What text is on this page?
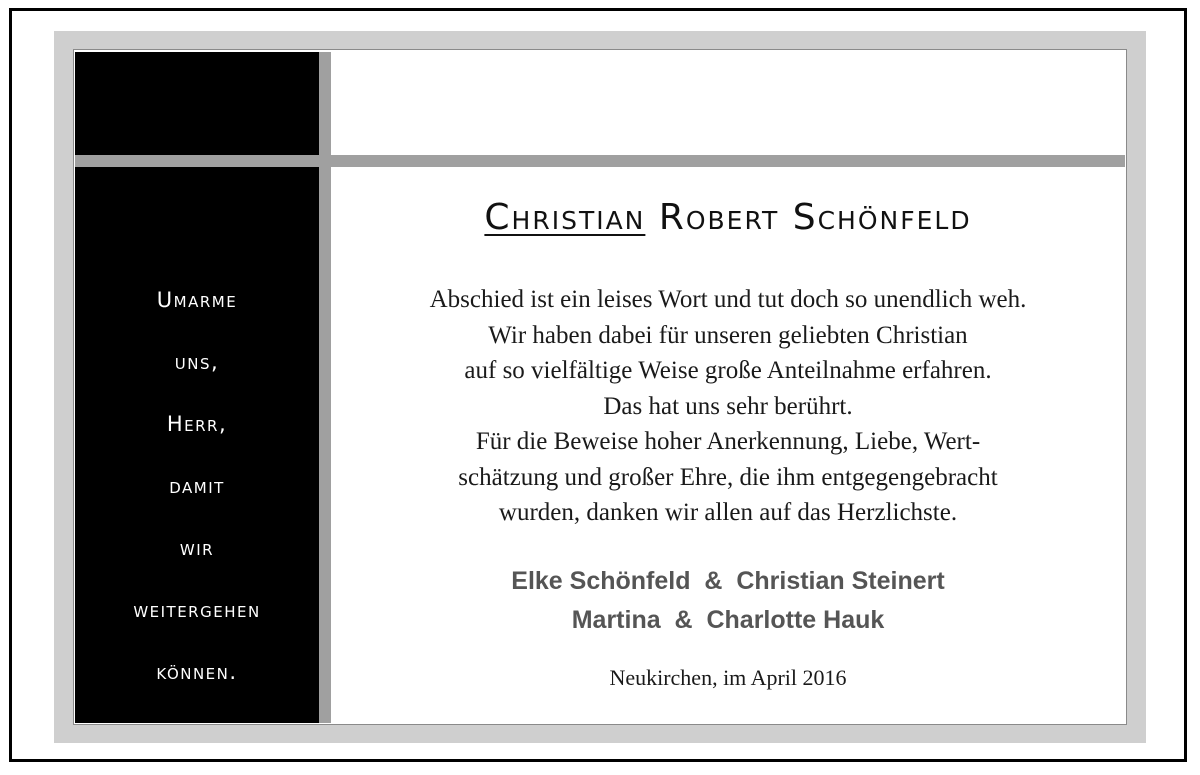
Umarme
uns,
Herr,
damit
wir
weitergehen
können.
Christian Robert Schönfeld
Abschied ist ein leises Wort und tut doch so unendlich weh.
Wir haben dabei für unseren geliebten Christian
auf so vielfältige Weise große Anteilnahme erfahren.
Das hat uns sehr berührt.
Für die Beweise hoher Anerkennung, Liebe, Wert-
schätzung und großer Ehre, die ihm entgegengebracht
wurden, danken wir allen auf das Herzlichste.
Elke Schönfeld  &  Christian Steinert
Martina  &  Charlotte Hauk
Neukirchen, im April 2016
